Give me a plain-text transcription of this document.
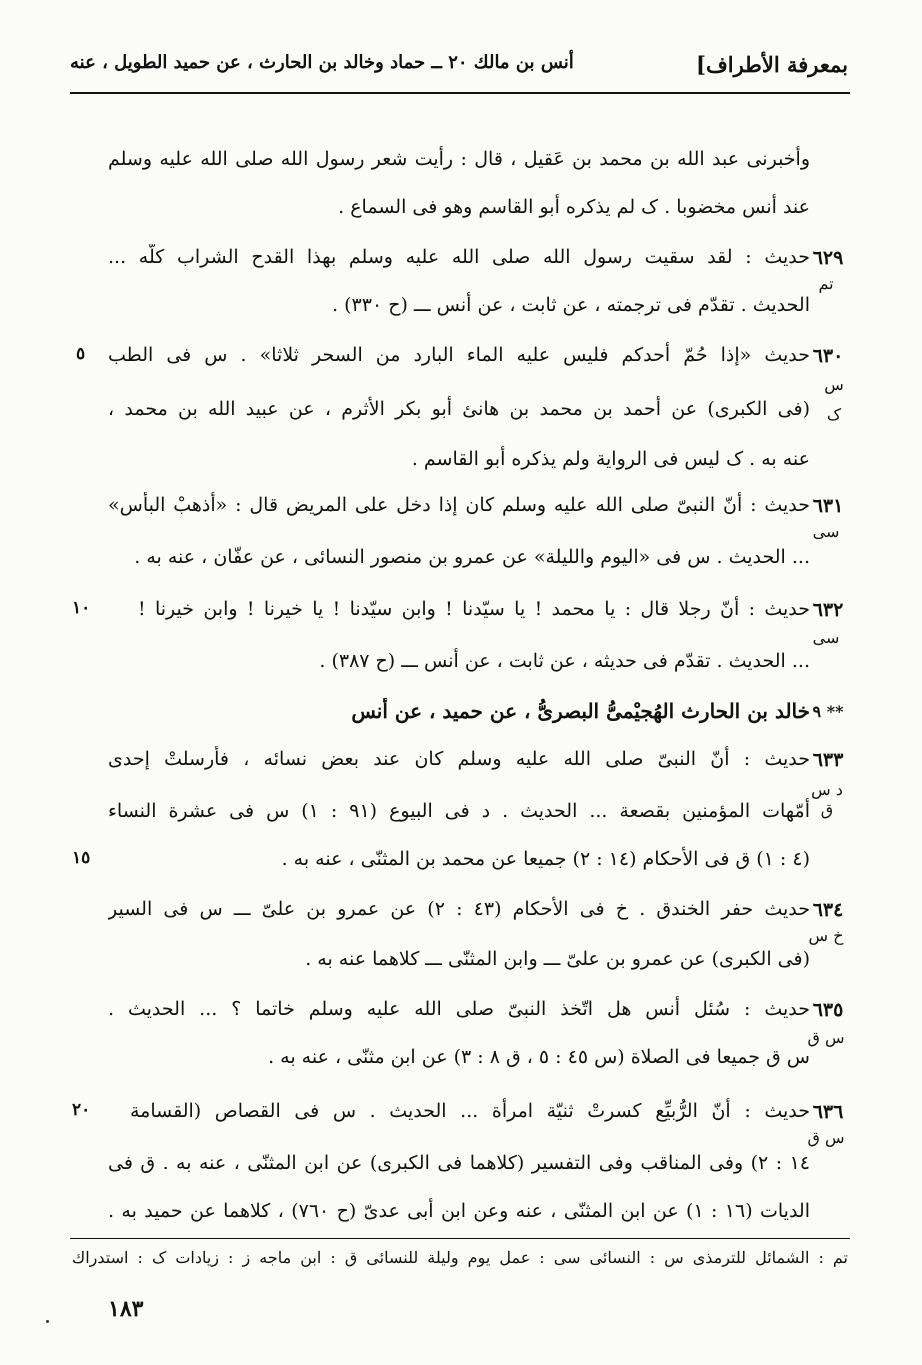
بمعرفة الأطراف]
أنس بن مالك ٢٠ ــ حماد وخالد بن الحارث ، عن حميد الطويل ، عنه
وأخبرنى عبد الله بن محمد بن عَقيل ، قال : رأيت شعر رسول الله صلى الله عليه وسلم
عند أنس مخضوبا . ک لم يذكره أبو القاسم وهو فى السماع .
٦٢٩
تم
حديث : لقد سقيت رسول الله صلى الله عليه وسلم بهذا القدح الشراب كلّه ...
الحديث . تقدّم فى ترجمته ، عن ثابت ، عن أنس ـــ (ح ٣٣٠) .
٦٣٠
س ک
٥ حديث «إذا حُمّ أحدكم فليس عليه الماء البارد من السحر ثلاثا» . س فى الطب
(فى الكبرى) عن أحمد بن محمد بن هانئ أبو بكر الأثرم ، عن عبيد الله بن محمد ،
عنه به . ک ليس فى الرواية ولم يذكره أبو القاسم .
٦٣١
سى
حديث : أنّ النبىّ صلى الله عليه وسلم كان إذا دخل على المريض قال : «أذهبْ البأس»
... الحديث . س فى «اليوم والليلة» عن عمرو بن منصور النسائى ، عن عفّان ، عنه به .
٦٣٢
سى
١٠	حديث : أنّ رجلا قال : يا محمد ! يا سيّدنا ! وابن سيّدنا ! يا خيرنا ! وابن خيرنا !
... الحديث . تقدّم فى حديثه ، عن ثابت ، عن أنس ـــ (ح ٣٨٧) .
٩ **
خالد بن الحارث الهُجيْمىُّ البصرىُّ ، عن حميد ، عن أنس
٦٣٣
د س ق
حديث : أنّ النبىّ صلى الله عليه وسلم كان عند بعض نسائه ، فأرسلتْ إحدى
أمّهات المؤمنين بقصعة ... الحديث . د فى البيوع (٩١ : ١) س فى عشرة النساء
١٥	(٤ : ١) ق فى الأحكام (١٤ : ٢) جميعا عن محمد بن المثنّى ، عنه به .
٦٣٤
خ س
حديث حفر الخندق . خ فى الأحكام (٤٣ : ٢) عن عمرو بن علىّ ـــ س فى السير
(فى الكبرى) عن عمرو بن علىّ ـــ وابن المثنّى ـــ كلاهما عنه به .
٦٣٥
س ق
حديث : سُئل أنس هل اتّخذ النبىّ صلى الله عليه وسلم خاتما ؟ ... الحديث .
س ق جميعا فى الصلاة (س ٤٥ : ٥ ، ق ٨ : ٣) عن ابن مثنّى ، عنه به .
٦٣٦
س ق
٢٠ حديث : أنّ الرُّبيِّع كسرتْ ثنيّة امرأة ... الحديث . س فى القصاص (القسامة
١٤ : ٢) وفى المناقب وفى التفسير (كلاهما فى الكبرى) عن ابن المثنّى ، عنه به . ق فى
الديات (١٦ : ١) عن ابن المثنّى ، عنه وعن ابن أبى عدىّ (ح ٧٦٠) ، كلاهما عن حميد به .
تم : الشمائل للترمذى س : النسائى سى : عمل يوم وليلة للنسائى ق : ابن ماجه ز : زيادات ک : استدراك
١٨٣
